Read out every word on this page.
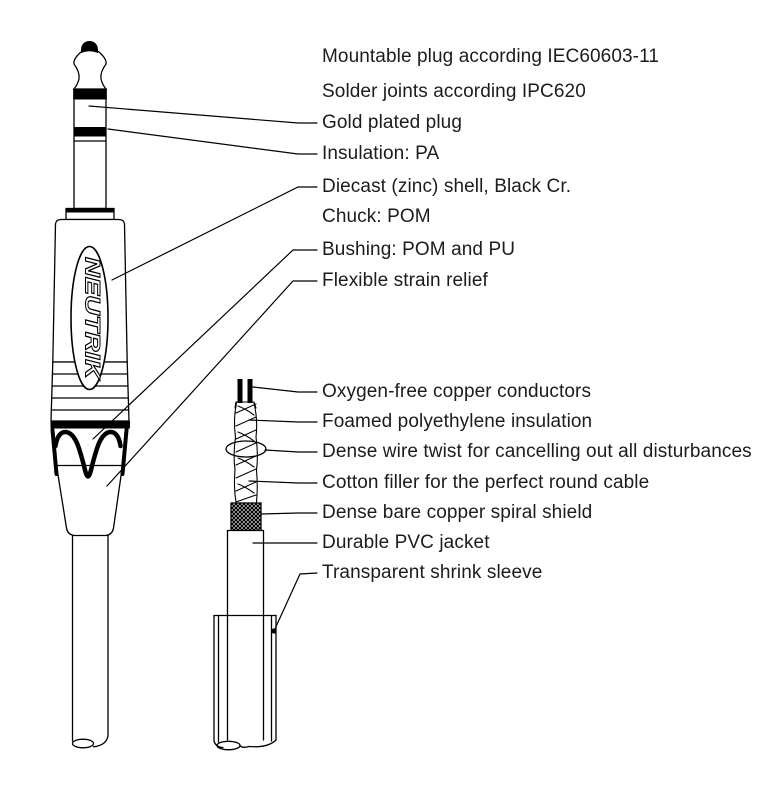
NEUTRIK
Mountable plug according IEC60603-11
Solder joints according IPC620
Gold plated plug
Insulation: PA
Diecast (zinc) shell, Black Cr.
Chuck: POM
Bushing: POM and PU
Flexible strain relief
Oxygen-free copper conductors
Foamed polyethylene insulation
Dense wire twist for cancelling out all disturbances
Cotton filler for the perfect round cable
Dense bare copper spiral shield
Durable PVC jacket
Transparent shrink sleeve
